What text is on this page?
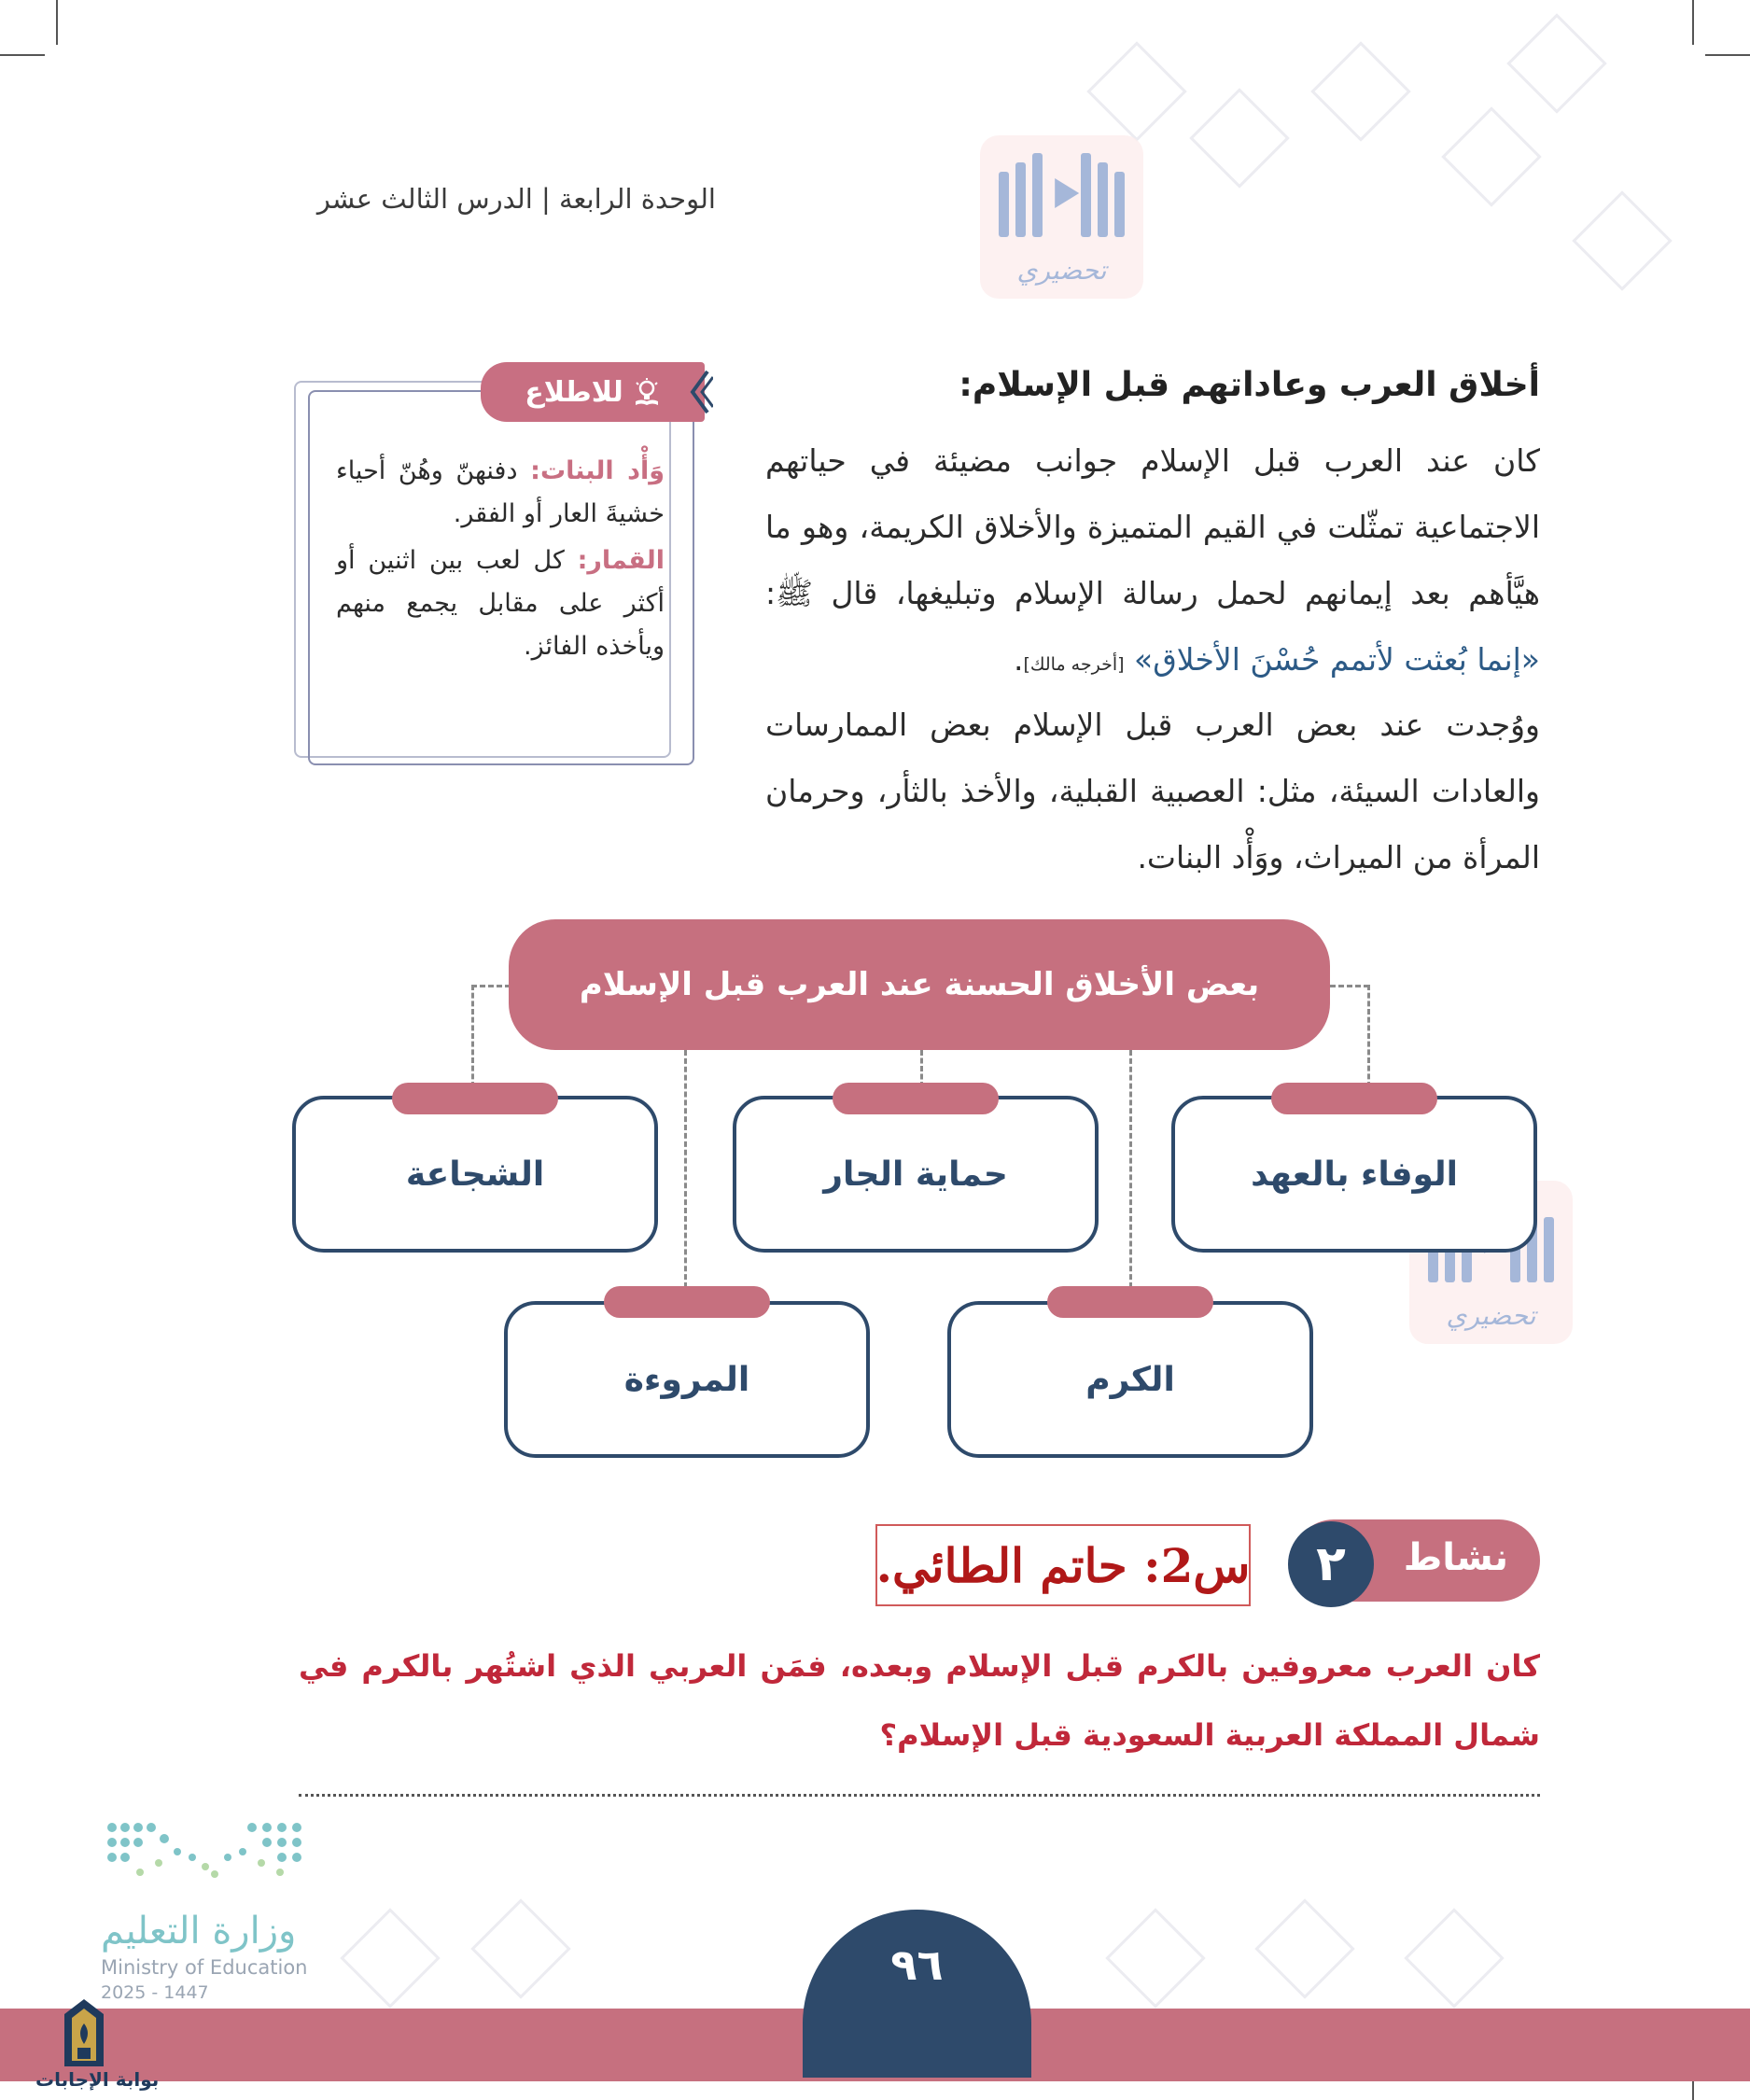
الوحدة الرابعة | الدرس الثالث عشر
تحضيري
تحضيري
أخلاق العرب وعاداتهم قبل الإسلام:
كان عند العرب قبل الإسلام جوانب مضيئة في حياتهم الاجتماعية تمثّلت في القيم المتميزة والأخلاق الكريمة، وهو ما هيَّأهم بعد إيمانهم لحمل رسالة الإسلام وتبليغها، قال ﷺ: «إنما بُعثت لأتمم حُسْنَ الأخلاق» [أخرجه مالك].
ووُجدت عند بعض العرب قبل الإسلام بعض الممارسات والعادات السيئة، مثل: العصبية القبلية، والأخذ بالثأر، وحرمان المرأة من الميراث، ووَأْد البنات.
للاطلاع
وَأْد البنات: دفنهنّ وهُنّ أحياء خشيةَ العار أو الفقر.
القمار: كل لعب بين اثنين أو أكثر على مقابل يجمع منهم ويأخذه الفائز.
بعض الأخلاق الحسنة عند العرب قبل الإسلام
الوفاء بالعهد
حماية الجار
الشجاعة
الكرم
المروءة
نشاط
٢
س2: حاتم الطائي.
كان العرب معروفين بالكرم قبل الإسلام وبعده، فمَن العربي الذي اشتُهر بالكرم في شمال المملكة العربية السعودية قبل الإسلام؟
وزارة التعليم
Ministry of Education
2025 - 1447
٩٦
بوابة الإجابات
